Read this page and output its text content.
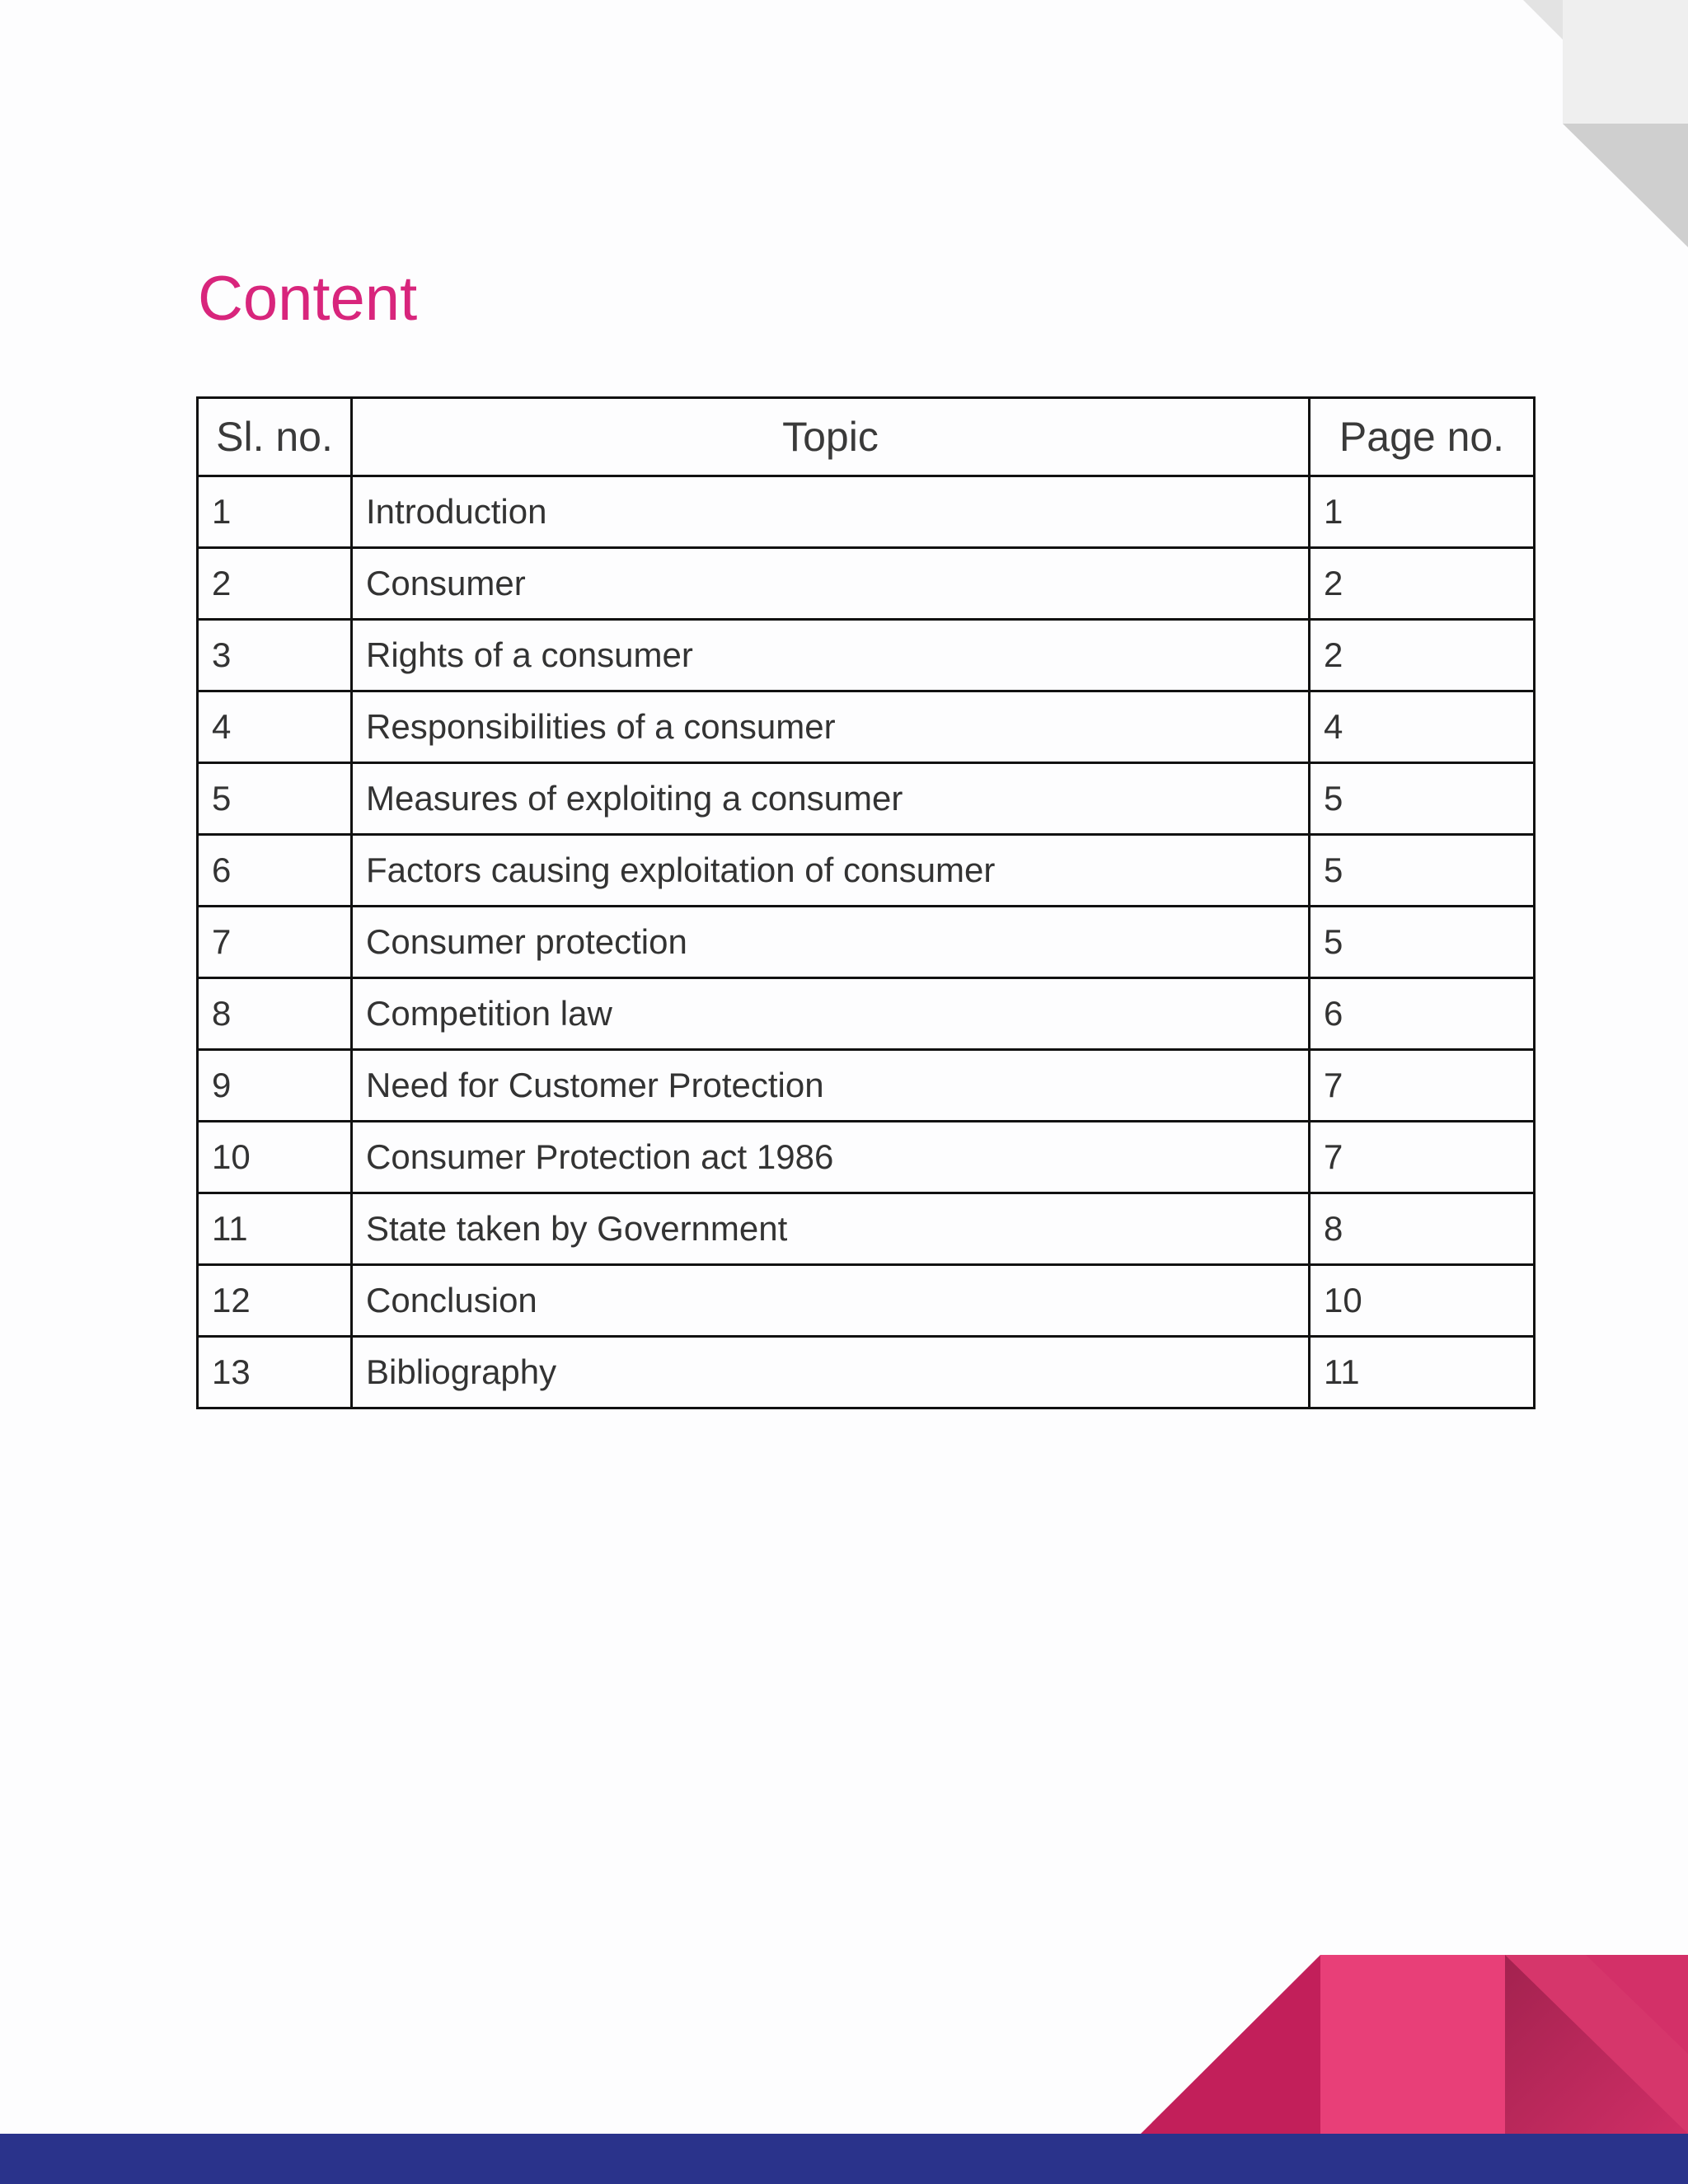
Content
Sl. no.	Topic	Page no.
1	Introduction	1
2	Consumer	2
3	Rights of a consumer	2
4	Responsibilities of a consumer	4
5	Measures of exploiting a consumer	5
6	Factors causing exploitation of consumer	5
7	Consumer protection	5
8	Competition law	6
9	Need for Customer Protection	7
10	Consumer Protection act 1986	7
11	State taken by Government	8
12	Conclusion	10
13	Bibliography	11
